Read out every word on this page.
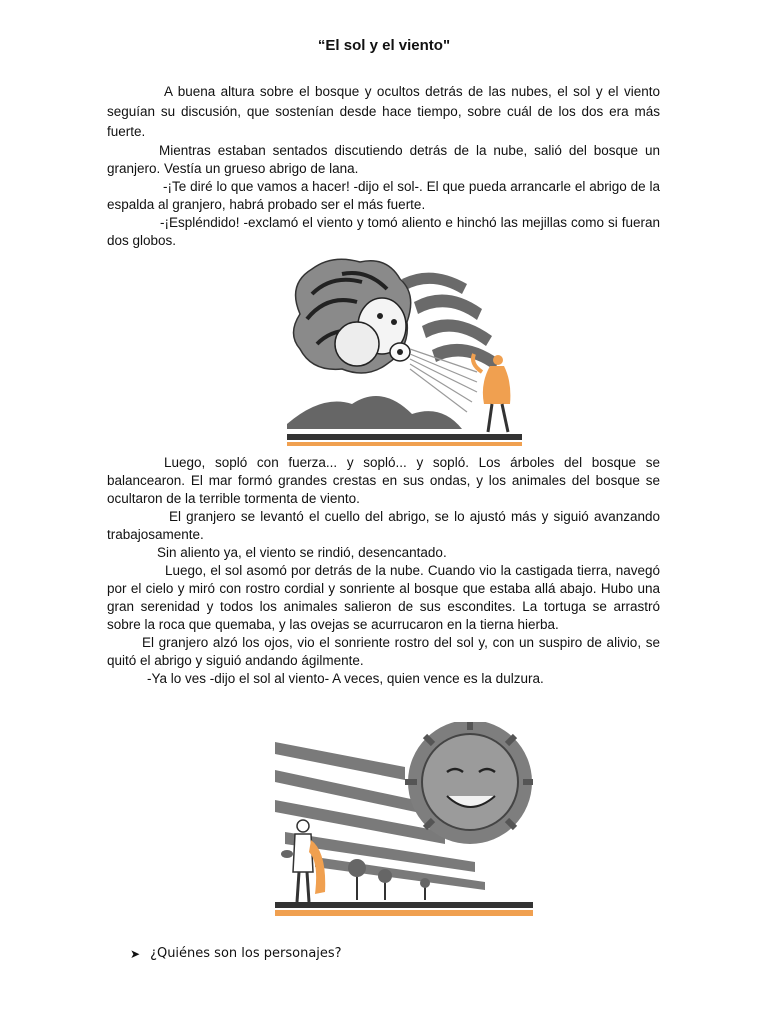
“El sol y el viento"

A buena altura sobre el bosque y ocultos detrás de las nubes, el sol y el viento seguían su discusión, que sostenían desde hace tiempo, sobre cuál de los dos era más fuerte.

Mientras estaban sentados discutiendo detrás de la nube, salió del bosque un granjero. Vestía un grueso abrigo de lana.

-¡Te diré lo que vamos a hacer! -dijo el sol-. El que pueda arrancarle el abrigo de la espalda al granjero, habrá probado ser el más fuerte.

-¡Espléndido! -exclamó el viento y tomó aliento e hinchó las mejillas como si fueran dos globos.

Luego, sopló con fuerza... y sopló... y sopló. Los árboles del bosque se balancearon. El mar formó grandes crestas en sus ondas, y los animales del bosque se ocultaron de la terrible tormenta de viento.

El granjero se levantó el cuello del abrigo, se lo ajustó más y siguió avanzando trabajosamente.

Sin aliento ya, el viento se rindió, desencantado.

Luego, el sol asomó por detrás de la nube. Cuando vio la castigada tierra, navegó por el cielo y miró con rostro cordial y sonriente al bosque que estaba allá abajo. Hubo una gran serenidad y todos los animales salieron de sus escondites. La tortuga se arrastró sobre la roca que quemaba, y las ovejas se acurrucaron en la tierna hierba.

El granjero alzó los ojos, vio el sonriente rostro del sol y, con un suspiro de alivio, se quitó el abrigo y siguió andando ágilmente.

-Ya lo ves -dijo el sol al viento- A veces, quien vence es la dulzura.

➤ ¿Quiénes son los personajes?
